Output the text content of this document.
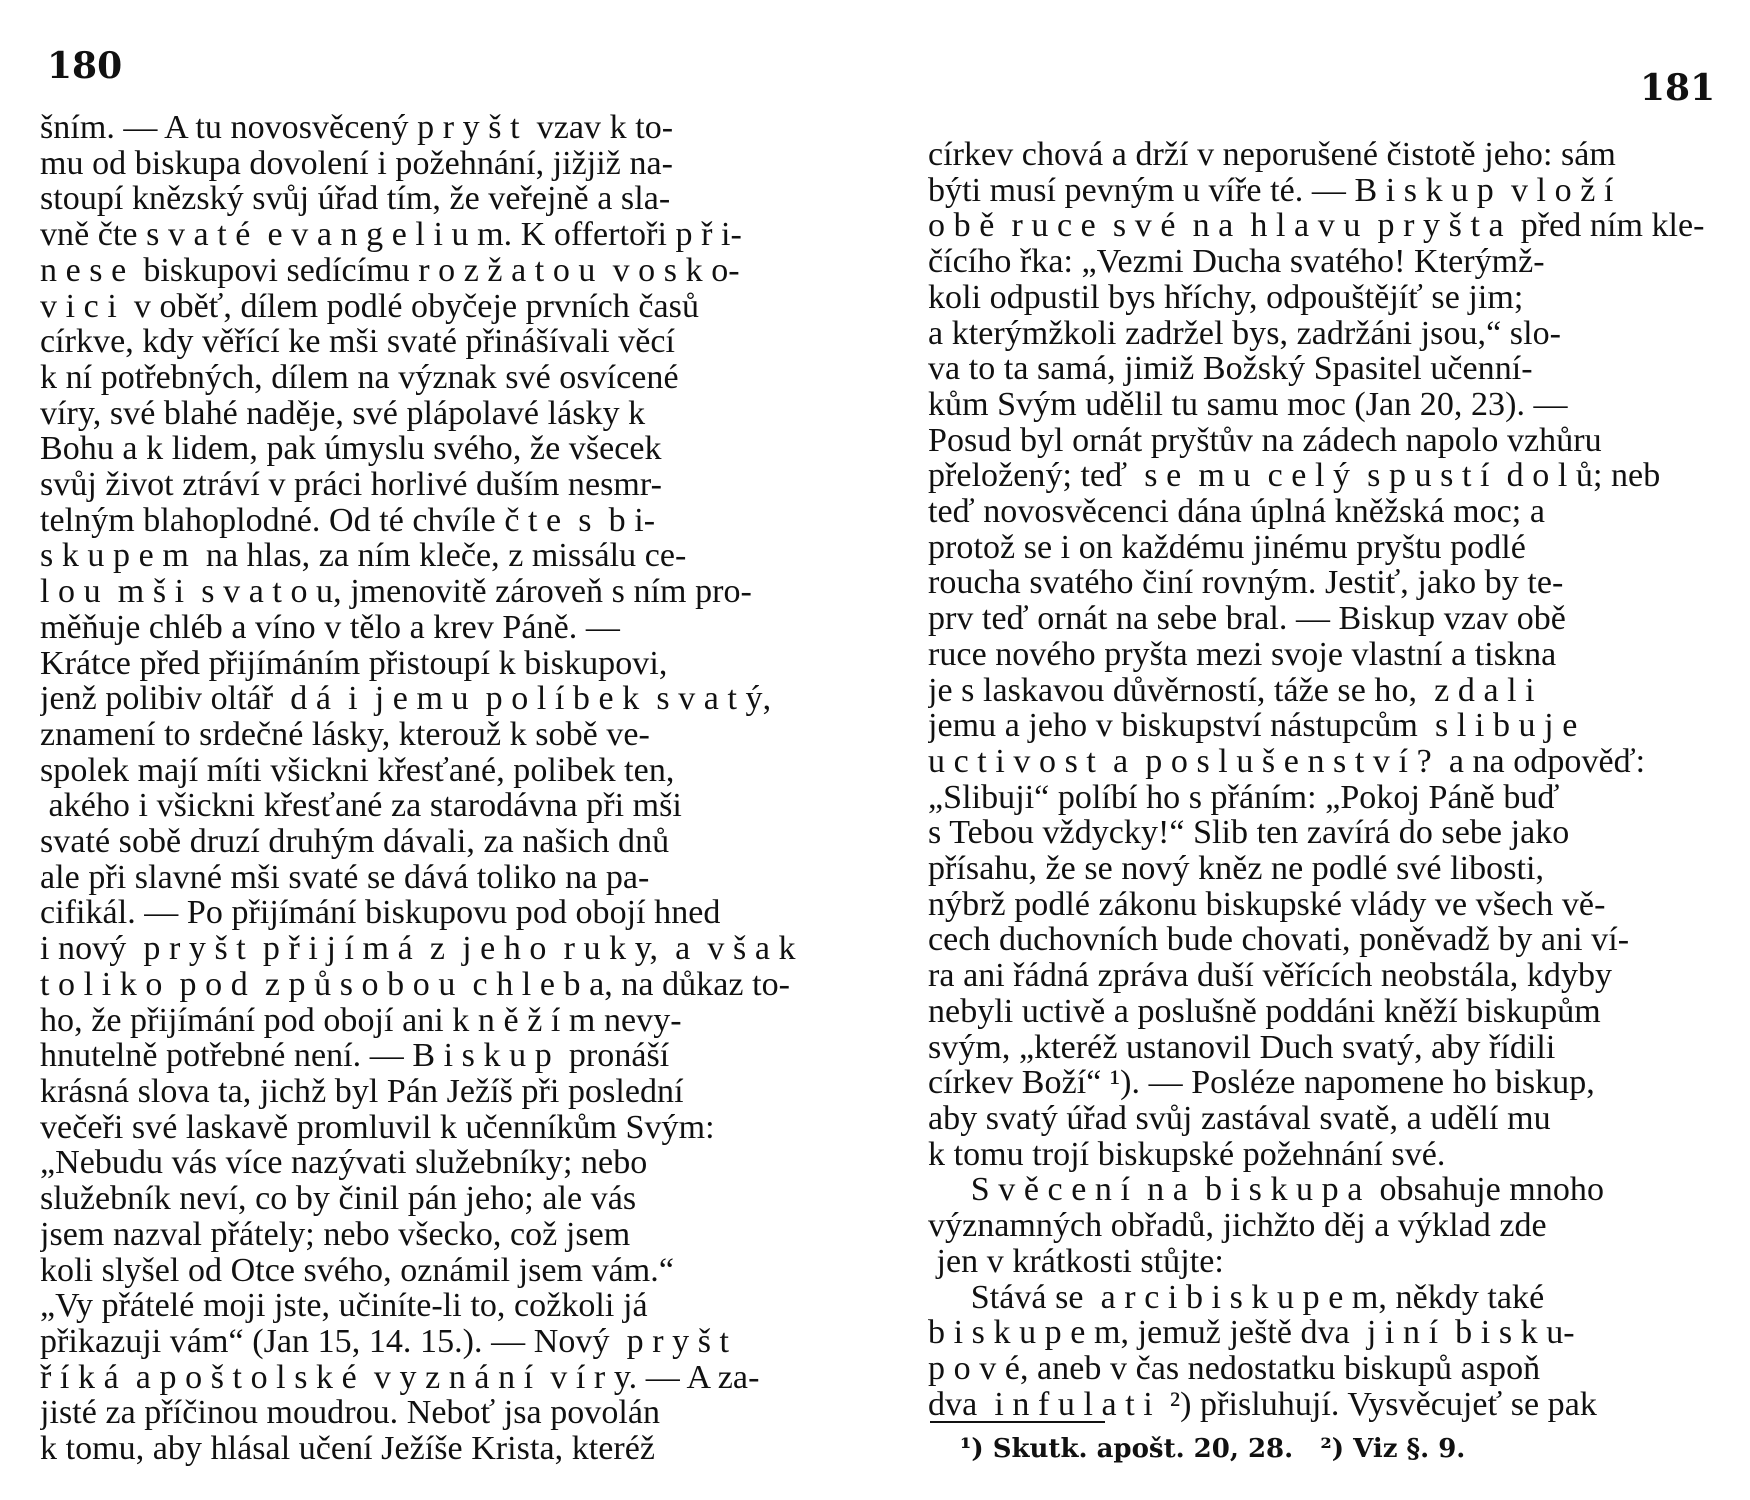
180
šním. — A tu novosvěcený p r y š t  vzav k to-
mu od biskupa dovolení i požehnání, jižjiž na-
stoupí knězský svůj úřad tím, že veřejně a sla-
vně čte s v a t é  e v a n g e l i u m. K offertoři p ř i-
n e s e  biskupovi sedícímu r o z ž a t o u  v o s k o-
v i c i  v oběť, dílem podlé obyčeje prvních časů
církve, kdy věřící ke mši svaté přinášívali věcí
k ní potřebných, dílem na význak své osvícené
víry, své blahé naděje, své plápolavé lásky k
Bohu a k lidem, pak úmyslu svého, že všecek
svůj život ztráví v práci horlivé duším nesmr-
telným blahoplodné. Od té chvíle č t e  s  b i-
s k u p e m  na hlas, za ním kleče, z missálu ce-
l o u  m š i  s v a t o u, jmenovitě zároveň s ním pro-
měňuje chléb a víno v tělo a krev Páně. —
Krátce před přijímáním přistoupí k biskupovi,
jenž polibiv oltář  d á  i  j e m u  p o l í b e k  s v a t ý,
znamení to srdečné lásky, kterouž k sobě ve-
spolek mají míti všickni křesťané, polibek ten,
akého i všickni křesťané za starodávna při mši
svaté sobě druzí druhým dávali, za našich dnů
ale při slavné mši svaté se dává toliko na pa-
cifikál. — Po přijímání biskupovu pod obojí hned
i nový  p r y š t  p ř i j í m á  z  j e h o  r u k y,  a  v š a k
t o l i k o  p o d  z p ů s o b o u  c h l e b a, na důkaz to-
ho, že přijímání pod obojí ani k n ě ž í m nevy-
hnutelně potřebné není. — B i s k u p  pronáší
krásná slova ta, jichž byl Pán Ježíš při poslední
večeři své laskavě promluvil k učenníkům Svým:
„Nebudu vás více nazývati služebníky; nebo
služebník neví, co by činil pán jeho; ale vás
jsem nazval přátely; nebo všecko, což jsem
koli slyšel od Otce svého, oznámil jsem vám.“
„Vy přátelé moji jste, učiníte-li to, cožkoli já
přikazuji vám“ (Jan 15, 14. 15.). — Nový  p r y š t
ř í k á  a p o š t o l s k é  v y z n á n í  v í r y. — A za-
jisté za příčinou moudrou. Neboť jsa povolán
k tomu, aby hlásal učení Ježíše Krista, kteréž
181
církev chová a drží v neporušené čistotě jeho: sám
býti musí pevným u víře té. — B i s k u p  v l o ž í
o b ě  r u c e  s v é  n a  h l a v u  p r y š t a  před ním kle-
čícího řka: „Vezmi Ducha svatého! Kterýmž-
koli odpustil bys hříchy, odpouštějíť se jim;
a kterýmžkoli zadržel bys, zadržáni jsou,“ slo-
va to ta samá, jimiž Božský Spasitel učenní-
kům Svým udělil tu samu moc (Jan 20, 23). —
Posud byl ornát pryštův na zádech napolo vzhůru
přeložený; teď  s e  m u  c e l ý  s p u s t í  d o l ů; neb
teď novosvěcenci dána úplná kněžská moc; a
protož se i on každému jinému pryštu podlé
roucha svatého činí rovným. Jestiť, jako by te-
prv teď ornát na sebe bral. — Biskup vzav obě
ruce nového pryšta mezi svoje vlastní a tiskna
je s laskavou důvěrností, táže se ho,  z d a l i
jemu a jeho v biskupství nástupcům  s l i b u j e
u c t i v o s t  a  p o s l u š e n s t v í ?  a na odpověď:
„Slibuji“ políbí ho s přáním: „Pokoj Páně buď
s Tebou vždycky!“ Slib ten zavírá do sebe jako
přísahu, že se nový kněz ne podlé své libosti,
nýbrž podlé zákonu biskupské vlády ve všech vě-
cech duchovních bude chovati, poněvadž by ani ví-
ra ani řádná zpráva duší věřících neobstála, kdyby
nebyli uctivě a poslušně poddáni kněží biskupům
svým, „kteréž ustanovil Duch svatý, aby řídili
církev Boží“ ¹). — Posléze napomene ho biskup,
aby svatý úřad svůj zastával svatě, a udělí mu
k tomu trojí biskupské požehnání své.
S v ě c e n í  n a  b i s k u p a  obsahuje mnoho
významných obřadů, jichžto děj a výklad zde
jen v krátkosti stůjte:
Stává se  a r c i b i s k u p e m, někdy také
b i s k u p e m, jemuž ještě dva  j i n í  b i s k u-
p o v é, aneb v čas nedostatku biskupů aspoň
dva  i n f u l a t i  ²) přisluhují. Vysvěcujeť se pak
¹) Skutk. apošt. 20, 28.   ²) Viz §. 9.
